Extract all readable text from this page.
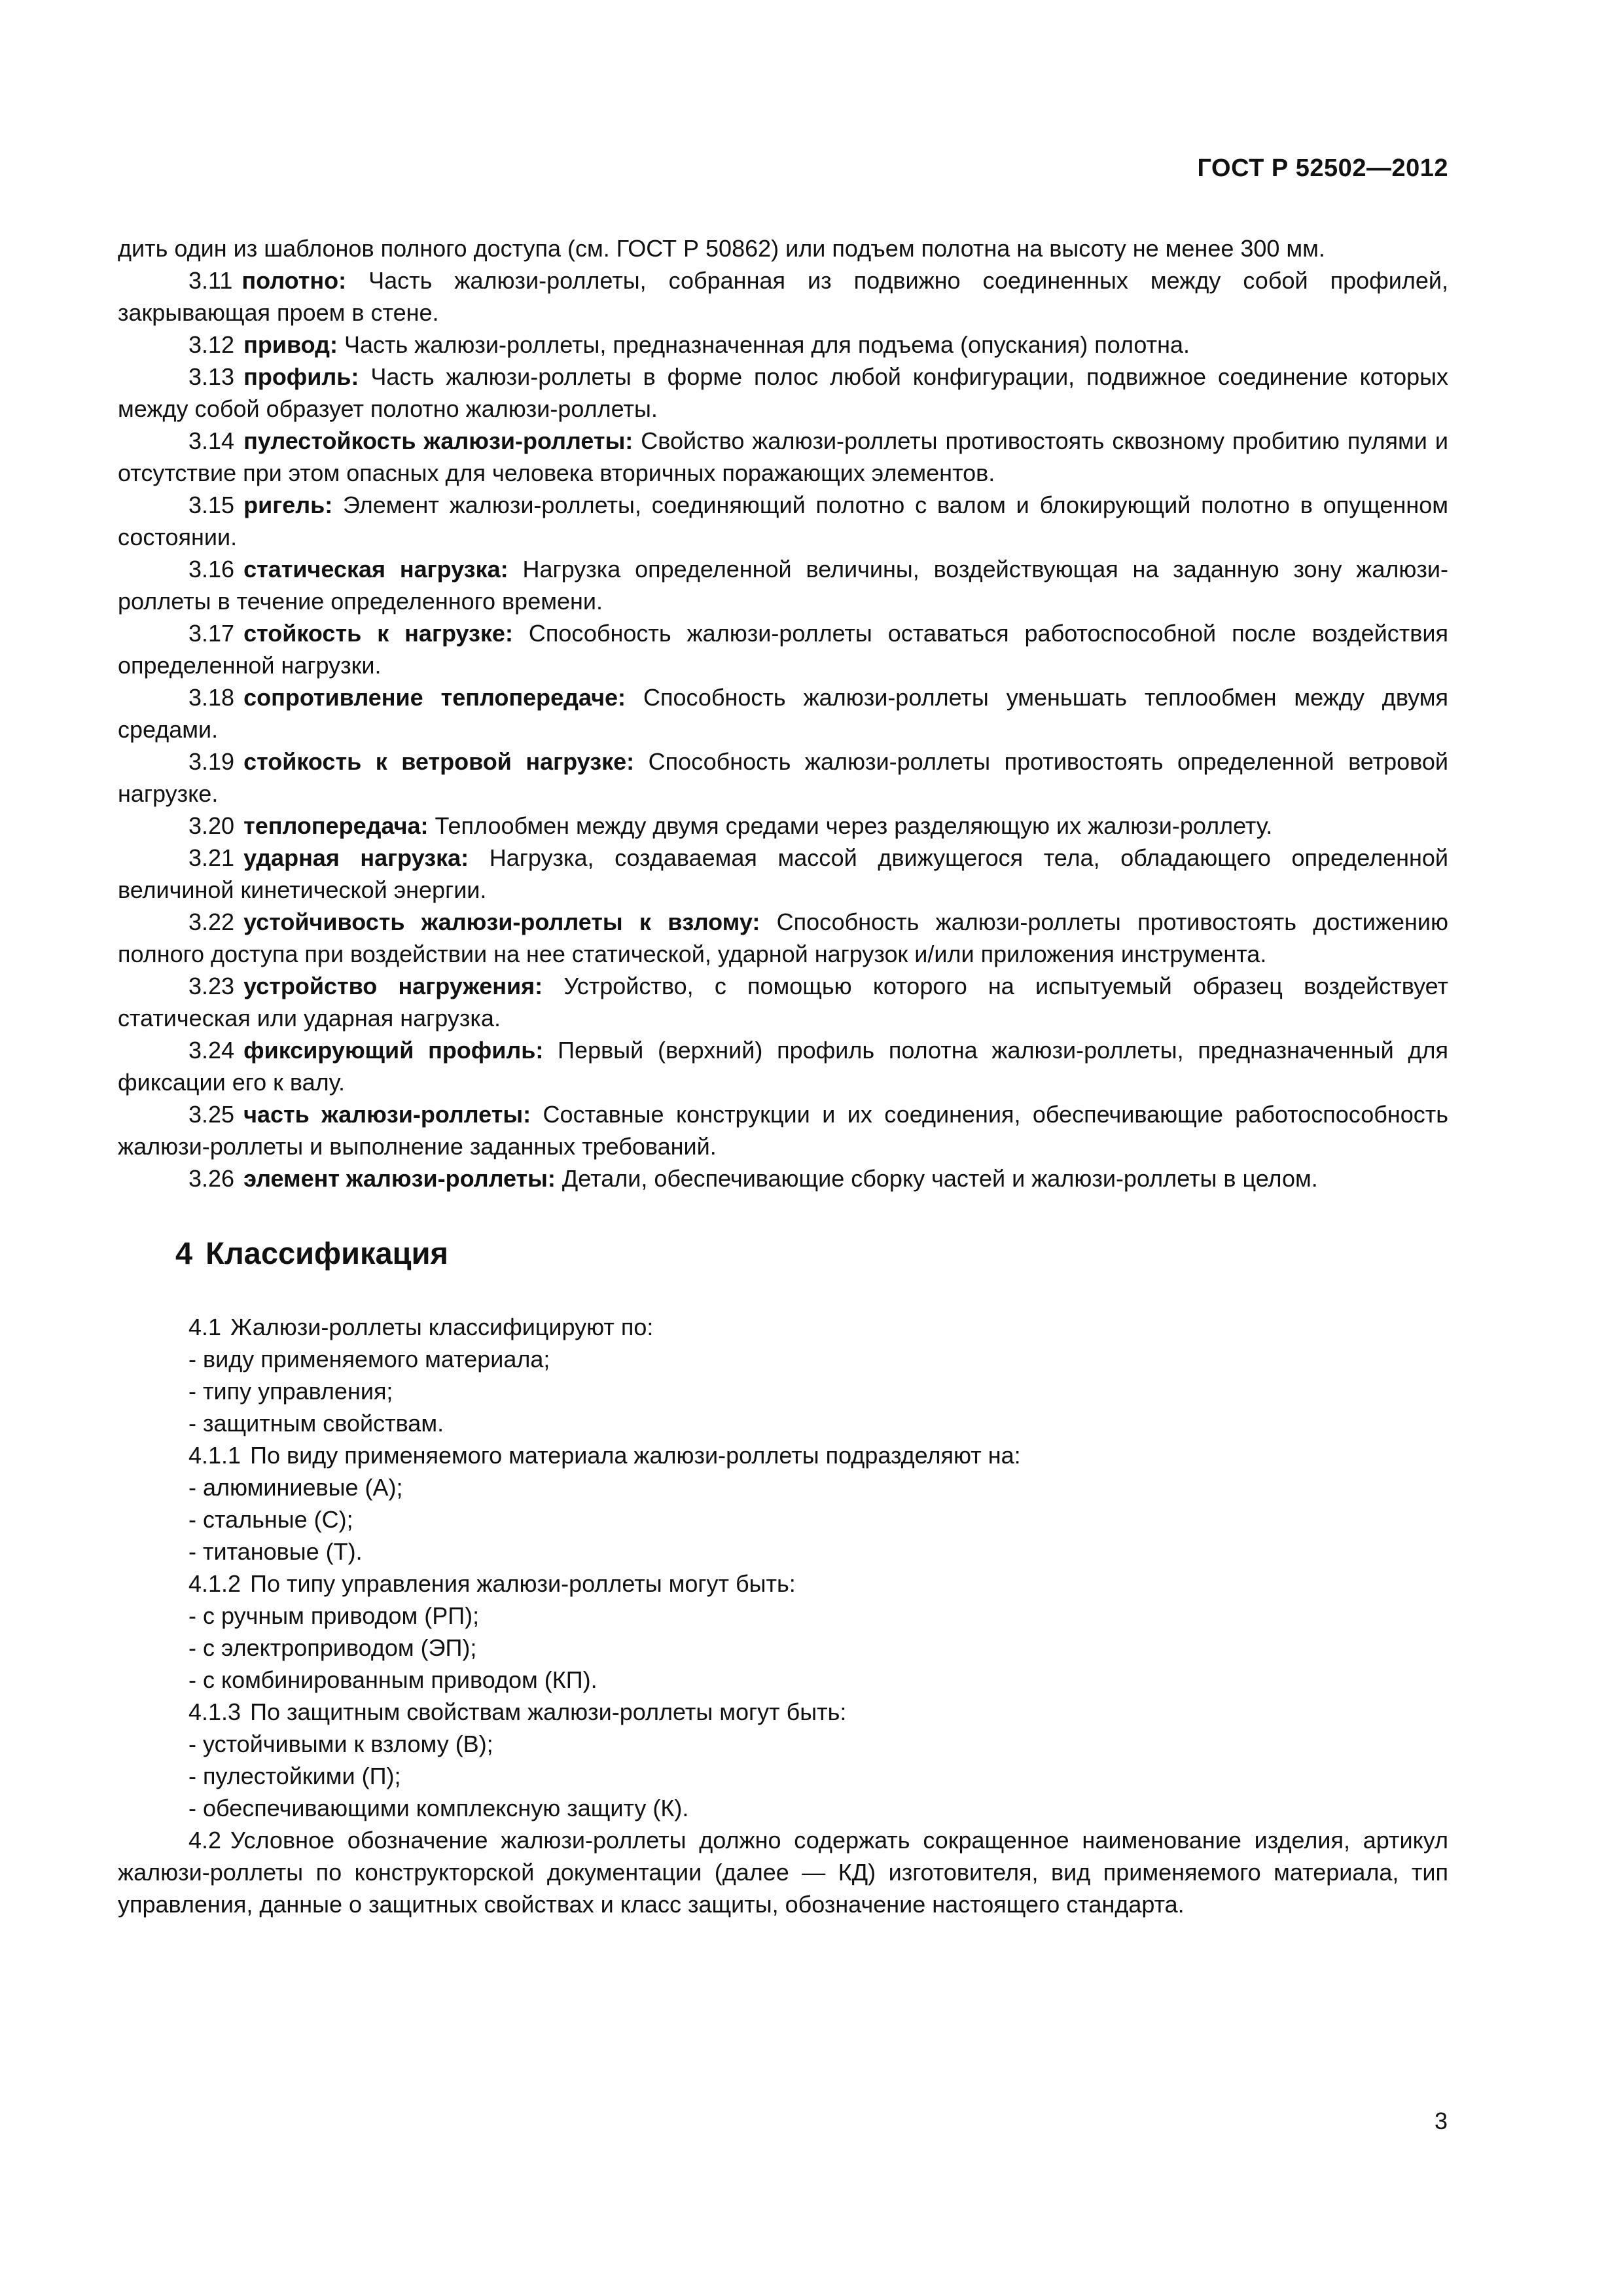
ГОСТ Р 52502—2012

дить один из шаблонов полного доступа (см. ГОСТ Р 50862) или подъем полотна на высоту не менее 300 мм.

3.11 полотно: Часть жалюзи-роллеты, собранная из подвижно соединенных между собой профилей, закрывающая проем в стене.

3.12 привод: Часть жалюзи-роллеты, предназначенная для подъема (опускания) полотна.

3.13 профиль: Часть жалюзи-роллеты в форме полос любой конфигурации, подвижное соединение которых между собой образует полотно жалюзи-роллеты.

3.14 пулестойкость жалюзи-роллеты: Свойство жалюзи-роллеты противостоять сквозному пробитию пулями и отсутствие при этом опасных для человека вторичных поражающих элементов.

3.15 ригель: Элемент жалюзи-роллеты, соединяющий полотно с валом и блокирующий полотно в опущенном состоянии.

3.16 статическая нагрузка: Нагрузка определенной величины, воздействующая на заданную зону жалюзи-роллеты в течение определенного времени.

3.17 стойкость к нагрузке: Способность жалюзи-роллеты оставаться работоспособной после воздействия определенной нагрузки.

3.18 сопротивление теплопередаче: Способность жалюзи-роллеты уменьшать теплообмен между двумя средами.

3.19 стойкость к ветровой нагрузке: Способность жалюзи-роллеты противостоять определенной ветровой нагрузке.

3.20 теплопередача: Теплообмен между двумя средами через разделяющую их жалюзи-роллету.

3.21 ударная нагрузка: Нагрузка, создаваемая массой движущегося тела, обладающего определенной величиной кинетической энергии.

3.22 устойчивость жалюзи-роллеты к взлому: Способность жалюзи-роллеты противостоять достижению полного доступа при воздействии на нее статической, ударной нагрузок и/или приложения инструмента.

3.23 устройство нагружения: Устройство, с помощью которого на испытуемый образец воздействует статическая или ударная нагрузка.

3.24 фиксирующий профиль: Первый (верхний) профиль полотна жалюзи-роллеты, предназначенный для фиксации его к валу.

3.25 часть жалюзи-роллеты: Составные конструкции и их соединения, обеспечивающие работоспособность жалюзи-роллеты и выполнение заданных требований.

3.26 элемент жалюзи-роллеты: Детали, обеспечивающие сборку частей и жалюзи-роллеты в целом.

4 Классификация

4.1 Жалюзи-роллеты классифицируют по:

- виду применяемого материала;

- типу управления;

- защитным свойствам.

4.1.1 По виду применяемого материала жалюзи-роллеты подразделяют на:

- алюминиевые (А);

- стальные (С);

- титановые (Т).

4.1.2 По типу управления жалюзи-роллеты могут быть:

- с ручным приводом (РП);

- с электроприводом (ЭП);

- с комбинированным приводом (КП).

4.1.3 По защитным свойствам жалюзи-роллеты могут быть:

- устойчивыми к взлому (В);

- пулестойкими (П);

- обеспечивающими комплексную защиту (К).

4.2 Условное обозначение жалюзи-роллеты должно содержать сокращенное наименование изделия, артикул жалюзи-роллеты по конструкторской документации (далее — КД) изготовителя, вид применяемого материала, тип управления, данные о защитных свойствах и класс защиты, обозначение настоящего стандарта.

3
